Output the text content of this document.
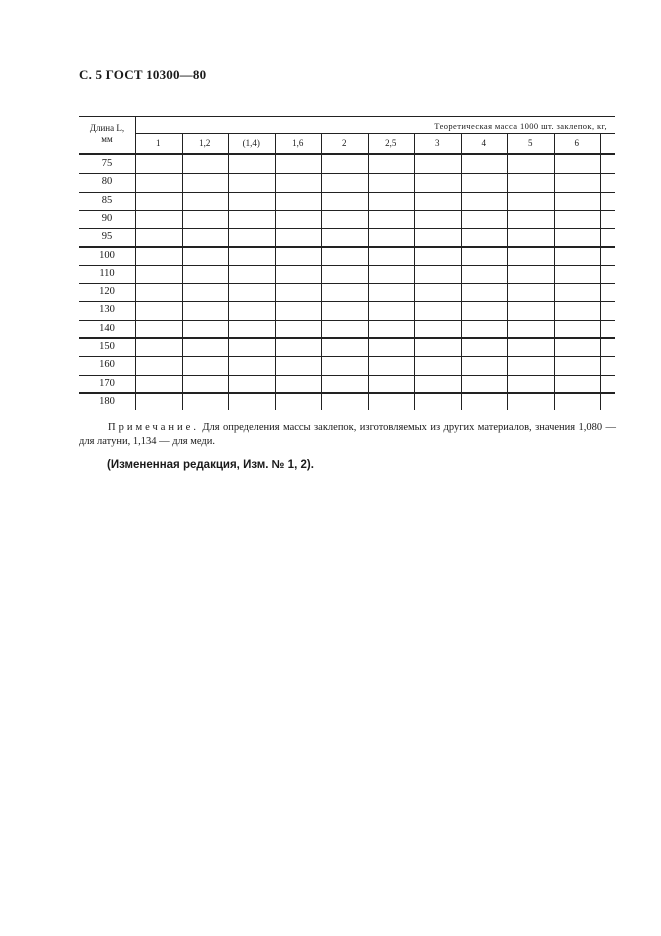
С. 5 ГОСТ 10300—80
Длина L,
мм
Теоретическая масса 1000 шт. заклепок, кг,
1	1,2	(1,4)	1,6	2	2,5	3	4	5	6
75
80
85
90
95
100
110
120
130
140
150
160
170
180
Примечание. Для определения массы заклепок, изготовляемых из других материалов, значения 1,080 — для латуни, 1,134 — для меди.
(Измененная редакция, Изм. № 1, 2).
